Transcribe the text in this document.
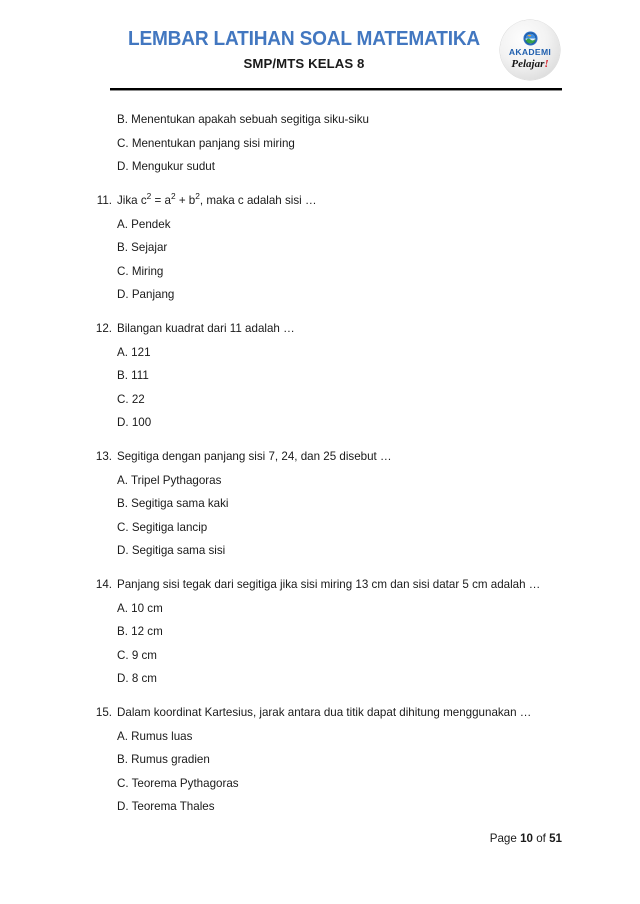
LEMBAR LATIHAN SOAL MATEMATIKA
SMP/MTS KELAS 8
AKADEMI
Pelajar!
B. Menentukan apakah sebuah segitiga siku-siku
C. Menentukan panjang sisi miring
D. Mengukur sudut
11. Jika $c^2 = a^2 + b^2$, maka c adalah sisi …
A. Pendek
B. Sejajar
C. Miring
D. Panjang
12. Bilangan kuadrat dari 11 adalah …
A. 121
B. 111
C. 22
D. 100
13. Segitiga dengan panjang sisi 7, 24, dan 25 disebut …
A. Tripel Pythagoras
B. Segitiga sama kaki
C. Segitiga lancip
D. Segitiga sama sisi
14. Panjang sisi tegak dari segitiga jika sisi miring 13 cm dan sisi datar 5 cm adalah …
A. 10 cm
B. 12 cm
C. 9 cm
D. 8 cm
15. Dalam koordinat Kartesius, jarak antara dua titik dapat dihitung menggunakan …
A. Rumus luas
B. Rumus gradien
C. Teorema Pythagoras
D. Teorema Thales
Page 10 of 51
